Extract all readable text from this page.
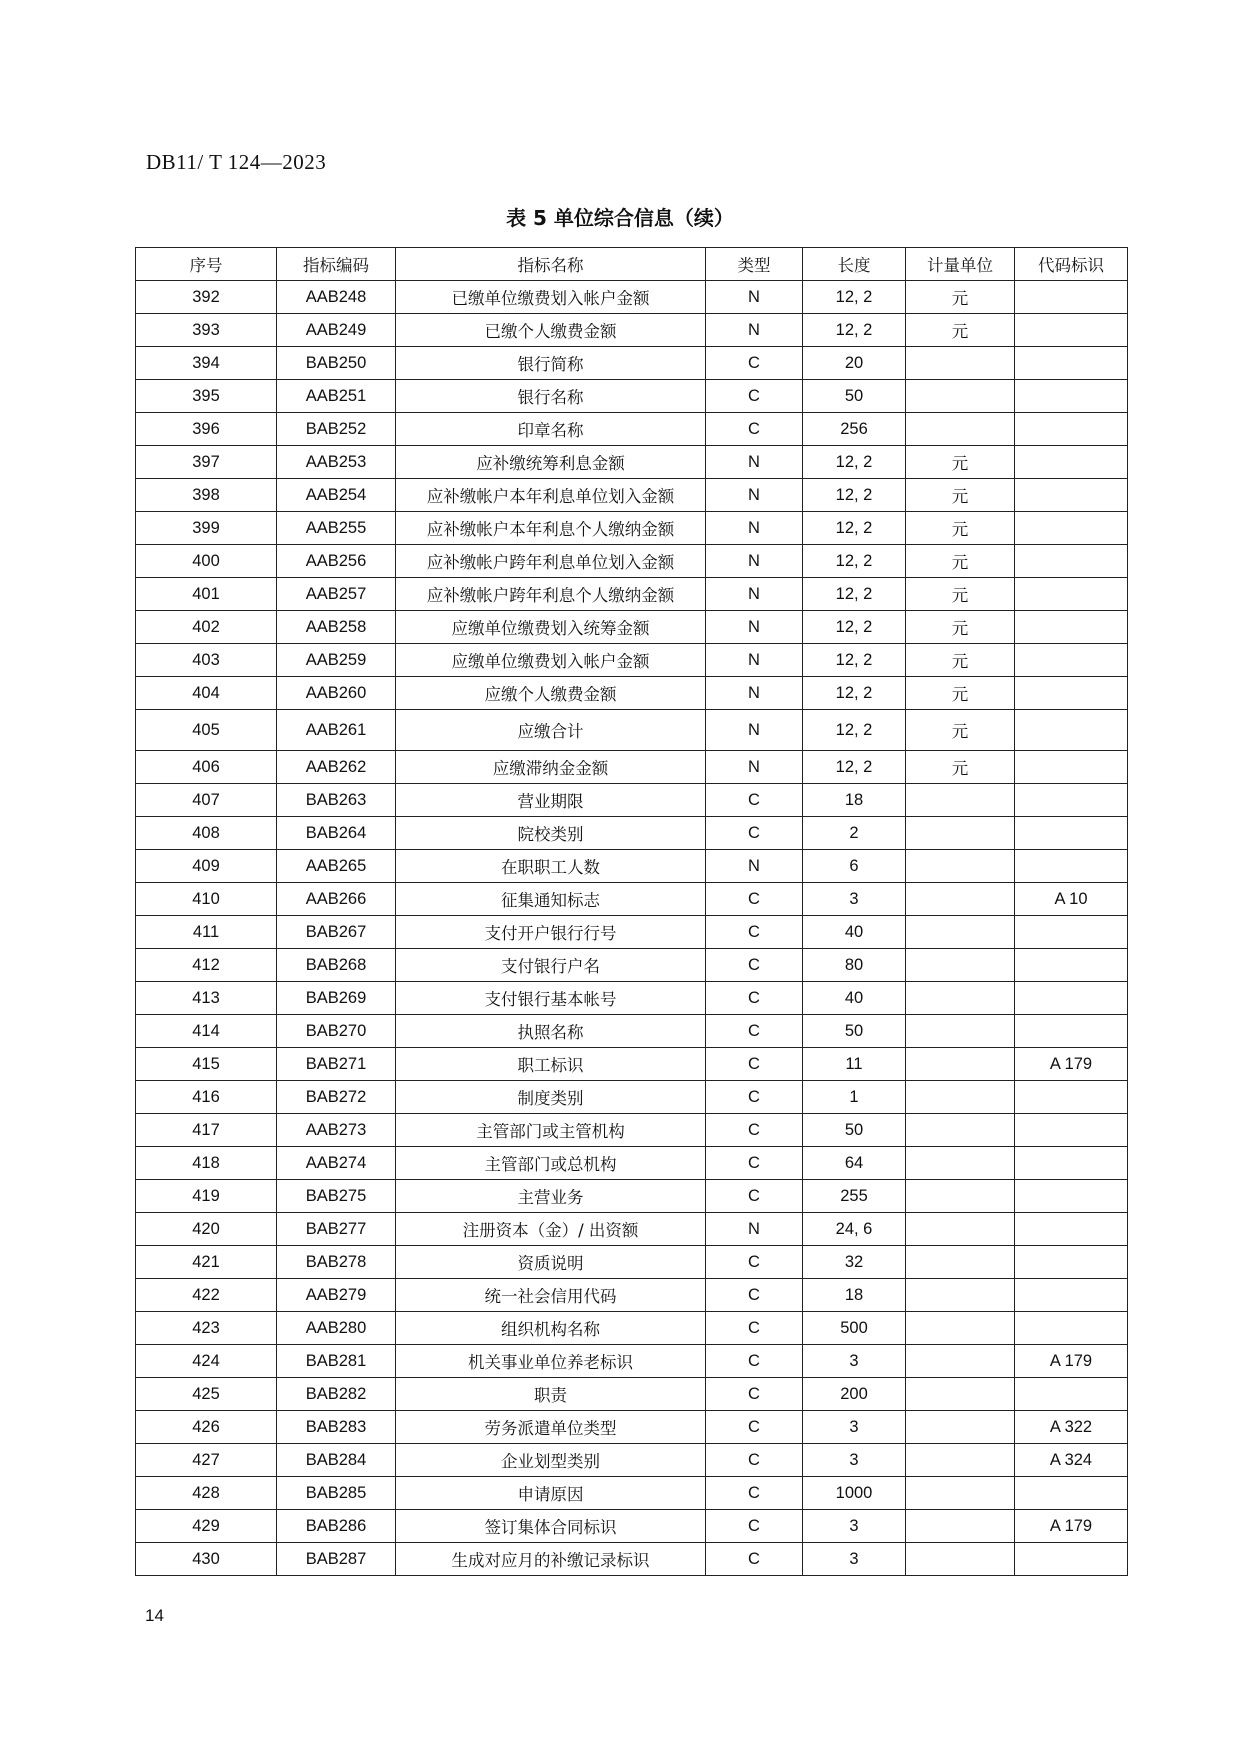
DB11/ T 124—2023
表 5 单位综合信息（续）
序号	指标编码	指标名称	类型	长度	计量单位	代码标识
392	AAB248	已缴单位缴费划入帐户金额	N	12, 2	元	
393	AAB249	已缴个人缴费金额	N	12, 2	元	
394	BAB250	银行简称	C	20		
395	AAB251	银行名称	C	50		
396	BAB252	印章名称	C	256		
397	AAB253	应补缴统筹利息金额	N	12, 2	元	
398	AAB254	应补缴帐户本年利息单位划入金额	N	12, 2	元	
399	AAB255	应补缴帐户本年利息个人缴纳金额	N	12, 2	元	
400	AAB256	应补缴帐户跨年利息单位划入金额	N	12, 2	元	
401	AAB257	应补缴帐户跨年利息个人缴纳金额	N	12, 2	元	
402	AAB258	应缴单位缴费划入统筹金额	N	12, 2	元	
403	AAB259	应缴单位缴费划入帐户金额	N	12, 2	元	
404	AAB260	应缴个人缴费金额	N	12, 2	元	
405	AAB261	应缴合计	N	12, 2	元	
406	AAB262	应缴滞纳金金额	N	12, 2	元	
407	BAB263	营业期限	C	18		
408	BAB264	院校类别	C	2		
409	AAB265	在职职工人数	N	6		
410	AAB266	征集通知标志	C	3		A 10
411	BAB267	支付开户银行行号	C	40		
412	BAB268	支付银行户名	C	80		
413	BAB269	支付银行基本帐号	C	40		
414	BAB270	执照名称	C	50		
415	BAB271	职工标识	C	11		A 179
416	BAB272	制度类别	C	1		
417	AAB273	主管部门或主管机构	C	50		
418	AAB274	主管部门或总机构	C	64		
419	BAB275	主营业务	C	255		
420	BAB277	注册资本（金）/ 出资额	N	24, 6		
421	BAB278	资质说明	C	32		
422	AAB279	统一社会信用代码	C	18		
423	AAB280	组织机构名称	C	500		
424	BAB281	机关事业单位养老标识	C	3		A 179
425	BAB282	职责	C	200		
426	BAB283	劳务派遣单位类型	C	3		A 322
427	BAB284	企业划型类别	C	3		A 324
428	BAB285	申请原因	C	1000		
429	BAB286	签订集体合同标识	C	3		A 179
430	BAB287	生成对应月的补缴记录标识	C	3		
14
